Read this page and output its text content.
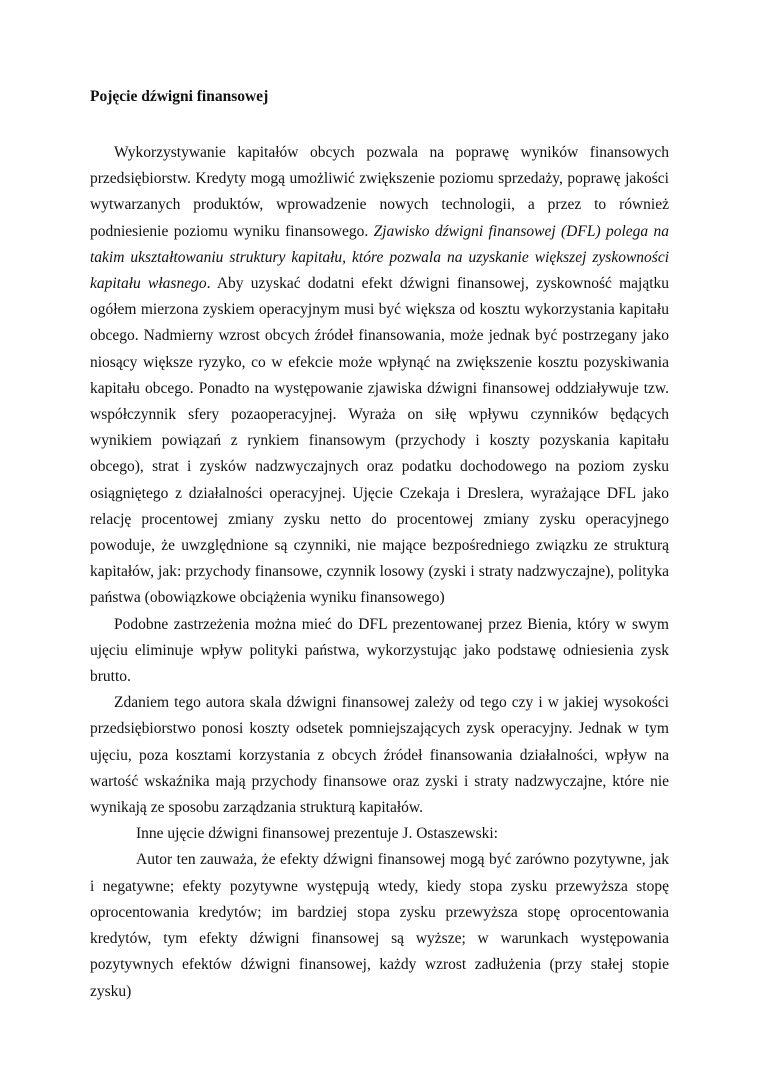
Pojęcie dźwigni finansowej

Wykorzystywanie kapitałów obcych pozwala na poprawę wyników finansowych przedsiębiorstw. Kredyty mogą umożliwić zwiększenie poziomu sprzedaży, poprawę jakości wytwarzanych produktów, wprowadzenie nowych technologii, a przez to również podniesienie poziomu wyniku finansowego. Zjawisko dźwigni finansowej (DFL) polega na takim ukształtowaniu struktury kapitału, które pozwala na uzyskanie większej zyskowności kapitału własnego. Aby uzyskać dodatni efekt dźwigni finansowej, zyskowność majątku ogółem mierzona zyskiem operacyjnym musi być większa od kosztu wykorzystania kapitału obcego. Nadmierny wzrost obcych źródeł finansowania, może jednak być postrzegany jako niosący większe ryzyko, co w efekcie może wpłynąć na zwiększenie kosztu pozyskiwania kapitału obcego. Ponadto na występowanie zjawiska dźwigni finansowej oddziaływuje tzw. współczynnik sfery pozaoperacyjnej. Wyraża on siłę wpływu czynników będących wynikiem powiązań z rynkiem finansowym (przychody i koszty pozyskania kapitału obcego), strat i zysków nadzwyczajnych oraz podatku dochodowego na poziom zysku osiągniętego z działalności operacyjnej. Ujęcie Czekaja i Dreslera, wyrażające DFL jako relację procentowej zmiany zysku netto do procentowej zmiany zysku operacyjnego powoduje, że uwzględnione są czynniki, nie mające bezpośredniego związku ze strukturą kapitałów, jak: przychody finansowe, czynnik losowy (zyski i straty nadzwyczajne), polityka państwa (obowiązkowe obciążenia wyniku finansowego)

Podobne zastrzeżenia można mieć do DFL prezentowanej przez Bienia, który w swym ujęciu eliminuje wpływ polityki państwa, wykorzystując jako podstawę odniesienia zysk brutto.

Zdaniem tego autora skala dźwigni finansowej zależy od tego czy i w jakiej wysokości przedsiębiorstwo ponosi koszty odsetek pomniejszających zysk operacyjny. Jednak w tym ujęciu, poza kosztami korzystania z obcych źródeł finansowania działalności, wpływ na wartość wskaźnika mają przychody finansowe oraz zyski i straty nadzwyczajne, które nie wynikają ze sposobu zarządzania strukturą kapitałów.

Inne ujęcie dźwigni finansowej prezentuje J. Ostaszewski:

Autor ten zauważa, że efekty dźwigni finansowej mogą być zarówno pozytywne, jak i negatywne; efekty pozytywne występują wtedy, kiedy stopa zysku przewyższa stopę oprocentowania kredytów; im bardziej stopa zysku przewyższa stopę oprocentowania kredytów, tym efekty dźwigni finansowej są wyższe; w warunkach występowania pozytywnych efektów dźwigni finansowej, każdy wzrost zadłużenia (przy stałej stopie zysku)
